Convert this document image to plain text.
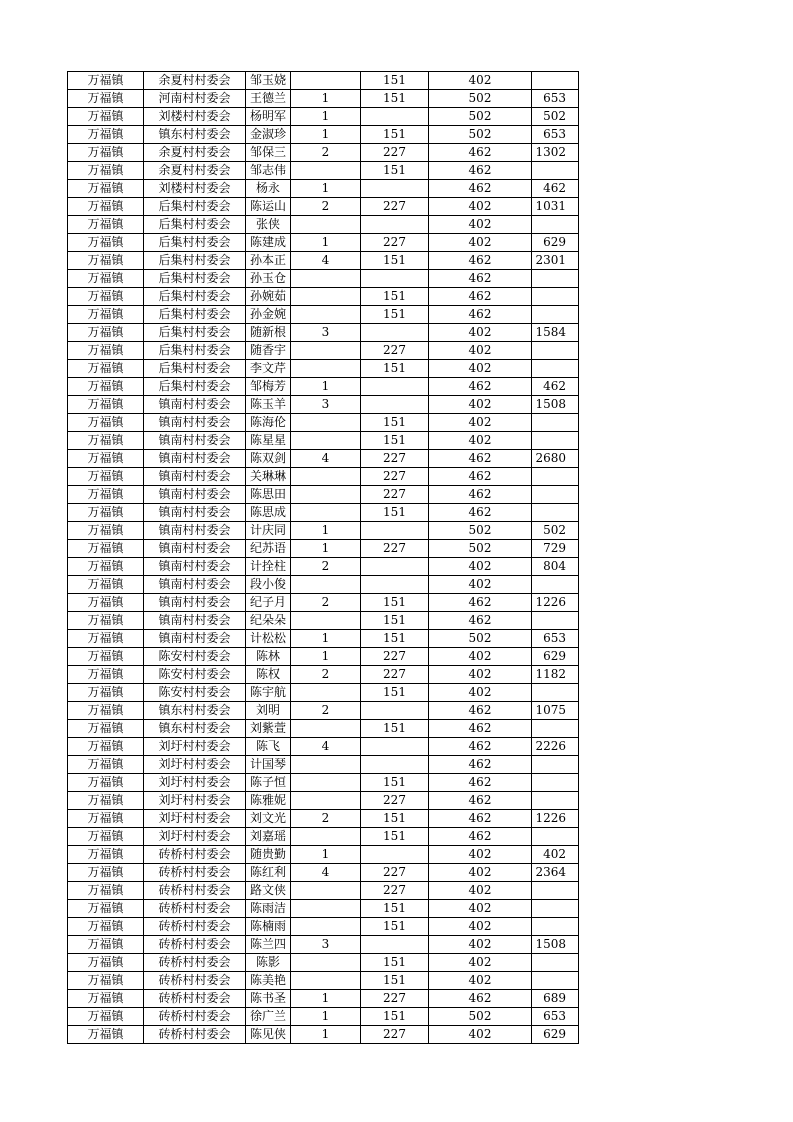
万福镇	余夏村村委会	邹玉娆		151	402	
万福镇	河南村村委会	王德兰	1	151	502	653
万福镇	刘楼村村委会	杨明军	1		502	502
万福镇	镇东村村委会	金淑珍	1	151	502	653
万福镇	余夏村村委会	邹保三	2	227	462	1302
万福镇	余夏村村委会	邹志伟		151	462	
万福镇	刘楼村村委会	杨永	1		462	462
万福镇	后集村村委会	陈运山	2	227	402	1031
万福镇	后集村村委会	张侠			402	
万福镇	后集村村委会	陈建成	1	227	402	629
万福镇	后集村村委会	孙本正	4	151	462	2301
万福镇	后集村村委会	孙玉仓			462	
万福镇	后集村村委会	孙婉茹		151	462	
万福镇	后集村村委会	孙金婉		151	462	
万福镇	后集村村委会	随新根	3		402	1584
万福镇	后集村村委会	随香宇		227	402	
万福镇	后集村村委会	李文芹		151	402	
万福镇	后集村村委会	邹梅芳	1		462	462
万福镇	镇南村村委会	陈玉羊	3		402	1508
万福镇	镇南村村委会	陈海伦		151	402	
万福镇	镇南村村委会	陈星星		151	402	
万福镇	镇南村村委会	陈双剑	4	227	462	2680
万福镇	镇南村村委会	关琳琳		227	462	
万福镇	镇南村村委会	陈思田		227	462	
万福镇	镇南村村委会	陈思成		151	462	
万福镇	镇南村村委会	计庆同	1		502	502
万福镇	镇南村村委会	纪苏语	1	227	502	729
万福镇	镇南村村委会	计拴柱	2		402	804
万福镇	镇南村村委会	段小俊			402	
万福镇	镇南村村委会	纪子月	2	151	462	1226
万福镇	镇南村村委会	纪朵朵		151	462	
万福镇	镇南村村委会	计松松	1	151	502	653
万福镇	陈安村村委会	陈林	1	227	402	629
万福镇	陈安村村委会	陈权	2	227	402	1182
万福镇	陈安村村委会	陈宇航		151	402	
万福镇	镇东村村委会	刘明	2		462	1075
万福镇	镇东村村委会	刘紫萱		151	462	
万福镇	刘圩村村委会	陈飞	4		462	2226
万福镇	刘圩村村委会	计国琴			462	
万福镇	刘圩村村委会	陈子恒		151	462	
万福镇	刘圩村村委会	陈雅妮		227	462	
万福镇	刘圩村村委会	刘文光	2	151	462	1226
万福镇	刘圩村村委会	刘嘉瑶		151	462	
万福镇	砖桥村村委会	随贵勤	1		402	402
万福镇	砖桥村村委会	陈红利	4	227	402	2364
万福镇	砖桥村村委会	路文侠		227	402	
万福镇	砖桥村村委会	陈雨洁		151	402	
万福镇	砖桥村村委会	陈楠雨		151	402	
万福镇	砖桥村村委会	陈兰四	3		402	1508
万福镇	砖桥村村委会	陈影		151	402	
万福镇	砖桥村村委会	陈美艳		151	402	
万福镇	砖桥村村委会	陈书圣	1	227	462	689
万福镇	砖桥村村委会	徐广兰	1	151	502	653
万福镇	砖桥村村委会	陈见侠	1	227	402	629
